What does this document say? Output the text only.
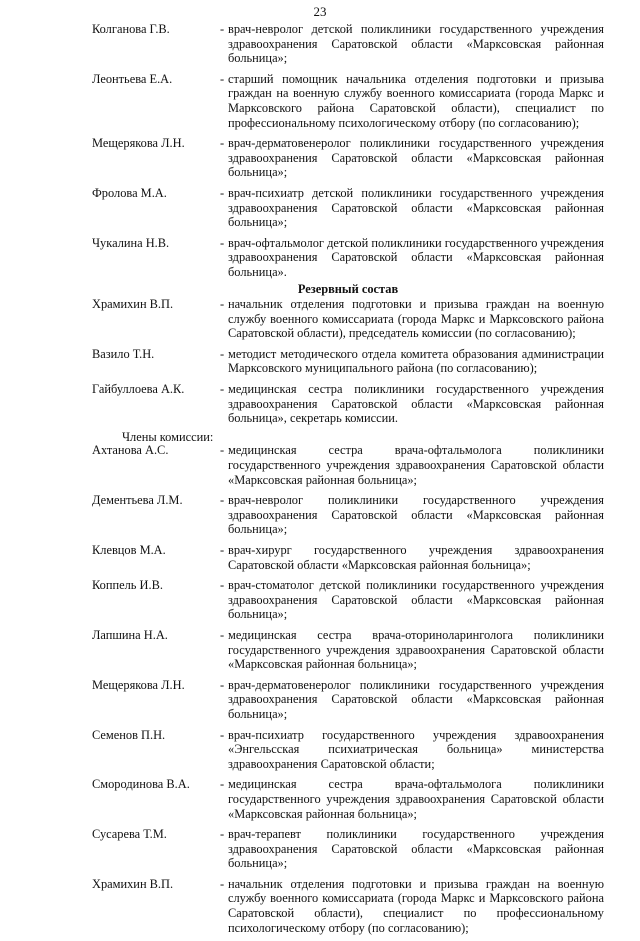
23
Колганова Г.В.	- врач-невролог детской поликлиники государственного учреждения здравоохранения Саратовской области «Марксовская районная больница»;
Леонтьева Е.А.	- старший помощник начальника отделения подготовки и призыва граждан на военную службу военного комиссариата (города Маркс и Марксовского района Саратовской области), специалист по профессиональному психологическому отбору (по согласованию);
Мещерякова Л.Н.	- врач-дерматовенеролог поликлиники государственного учреждения здравоохранения Саратовской области «Марксовская районная больница»;
Фролова М.А.	- врач-психиатр детской поликлиники государственного учреждения здравоохранения Саратовской области «Марксовская районная больница»;
Чукалина Н.В.	- врач-офтальмолог детской поликлиники государственного учреждения здравоохранения Саратовской области «Марксовская районная больница».
Резервный состав
Храмихин В.П.	- начальник отделения подготовки и призыва граждан на военную службу военного комиссариата (города Маркс и Марксовского района Саратовской области), председатель комиссии (по согласованию);
Вазило Т.Н.	- методист методического отдела комитета образования администрации Марксовского муниципального района (по согласованию);
Гайбуллоева А.К.	- медицинская сестра поликлиники государственного учреждения здравоохранения Саратовской области «Марксовская районная больница», секретарь комиссии.
Члены комиссии:
Ахтанова А.С.	- медицинская сестра врача-офтальмолога поликлиники государственного учреждения здравоохранения Саратовской области «Марксовская районная больница»;
Дементьева Л.М.	- врач-невролог поликлиники государственного учреждения здравоохранения Саратовской области «Марксовская районная больница»;
Клевцов М.А.	- врач-хирург государственного учреждения здравоохранения Саратовской области «Марксовская районная больница»;
Коппель И.В.	- врач-стоматолог детской поликлиники государственного учреждения здравоохранения Саратовской области «Марксовская районная больница»;
Лапшина Н.А.	- медицинская сестра врача-оториноларинголога поликлиники государственного учреждения здравоохранения Саратовской области «Марксовская районная больница»;
Мещерякова Л.Н.	- врач-дерматовенеролог поликлиники государственного учреждения здравоохранения Саратовской области «Марксовская районная больница»;
Семенов П.Н.	- врач-психиатр государственного учреждения здравоохранения «Энгельсская психиатрическая больница» министерства здравоохранения Саратовской области;
Смородинова В.А.	- медицинская сестра врача-офтальмолога поликлиники государственного учреждения здравоохранения Саратовской области «Марксовская районная больница»;
Сусарева Т.М.	- врач-терапевт поликлиники государственного учреждения здравоохранения Саратовской области «Марксовская районная больница»;
Храмихин В.П.	- начальник отделения подготовки и призыва граждан на военную службу военного комиссариата (города Маркс и Марксовского района Саратовской области), специалист по профессиональному психологическому отбору (по согласованию);
